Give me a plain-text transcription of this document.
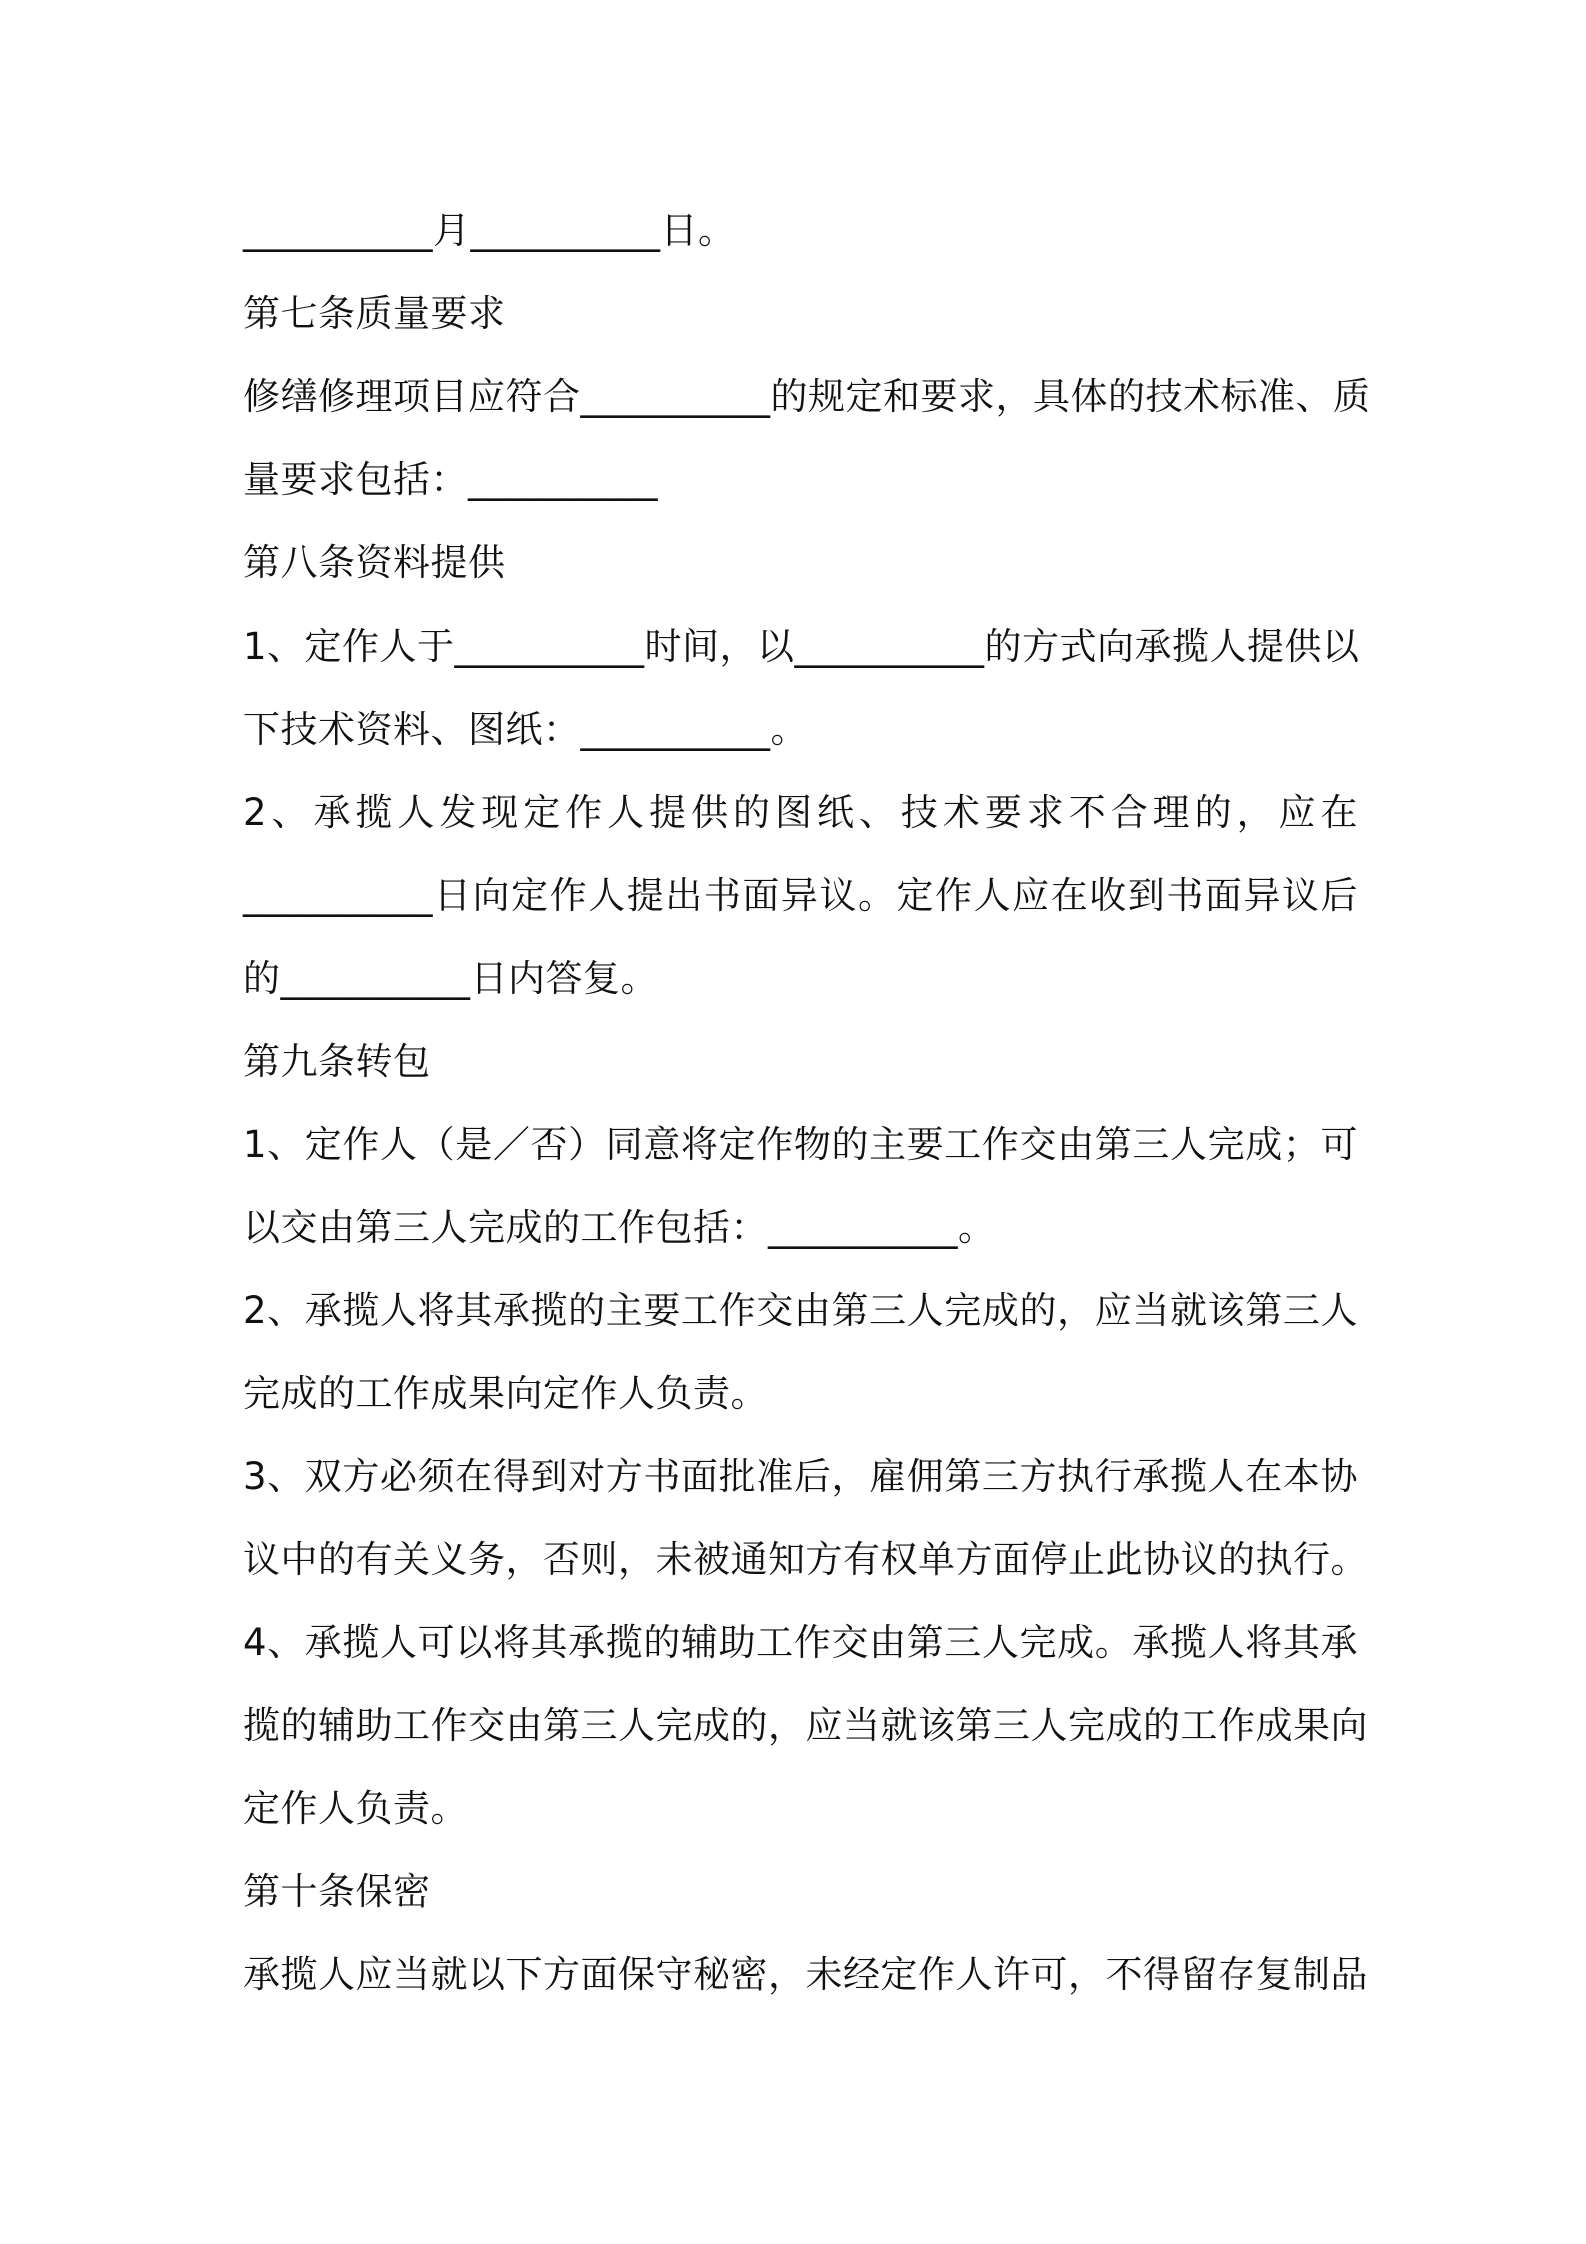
__________月__________日。
第七条质量要求
修缮修理项目应符合__________的规定和要求，具体的技术标准、质
量要求包括：__________
第八条资料提供
1、定作人于__________时间，以__________的方式向承揽人提供以
下技术资料、图纸：__________。
2、承揽人发现定作人提供的图纸、技术要求不合理的，应在
__________日向定作人提出书面异议。定作人应在收到书面异议后
的__________日内答复。
第九条转包
1、定作人（是／否）同意将定作物的主要工作交由第三人完成；可
以交由第三人完成的工作包括：__________。
2、承揽人将其承揽的主要工作交由第三人完成的，应当就该第三人
完成的工作成果向定作人负责。
3、双方必须在得到对方书面批准后，雇佣第三方执行承揽人在本协
议中的有关义务，否则，未被通知方有权单方面停止此协议的执行。
4、承揽人可以将其承揽的辅助工作交由第三人完成。承揽人将其承
揽的辅助工作交由第三人完成的，应当就该第三人完成的工作成果向
定作人负责。
第十条保密
承揽人应当就以下方面保守秘密，未经定作人许可，不得留存复制品
